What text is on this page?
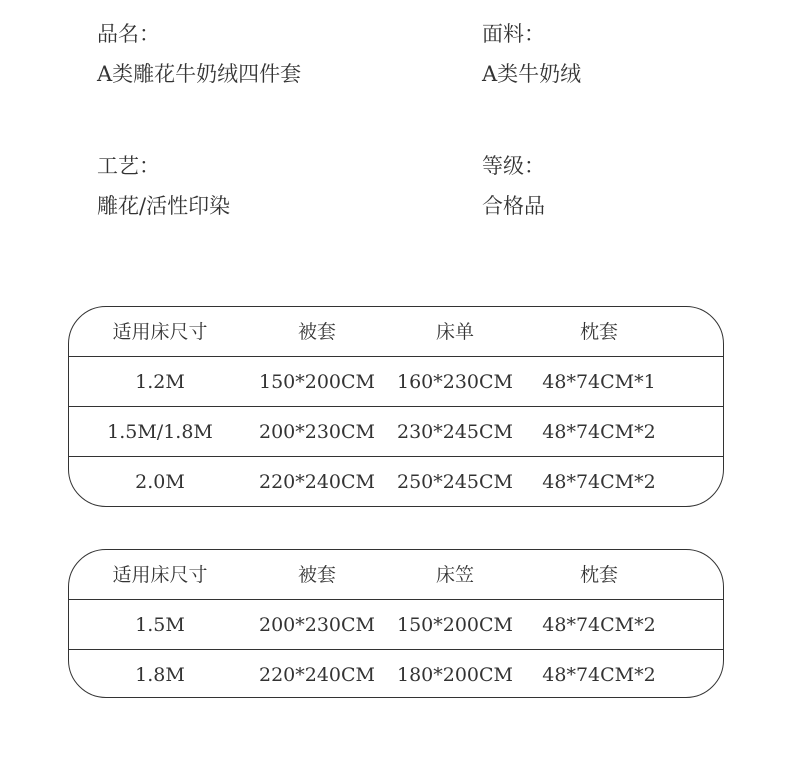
品名：
A类雕花牛奶绒四件套
面料：
A类牛奶绒
工艺：
雕花/活性印染
等级：
合格品
适用床尺寸	被套	床单	枕套
1.2M	150*200CM	160*230CM	48*74CM*1
1.5M/1.8M	200*230CM	230*245CM	48*74CM*2
2.0M	220*240CM	250*245CM	48*74CM*2
适用床尺寸	被套	床笠	枕套
1.5M	200*230CM	150*200CM	48*74CM*2
1.8M	220*240CM	180*200CM	48*74CM*2
